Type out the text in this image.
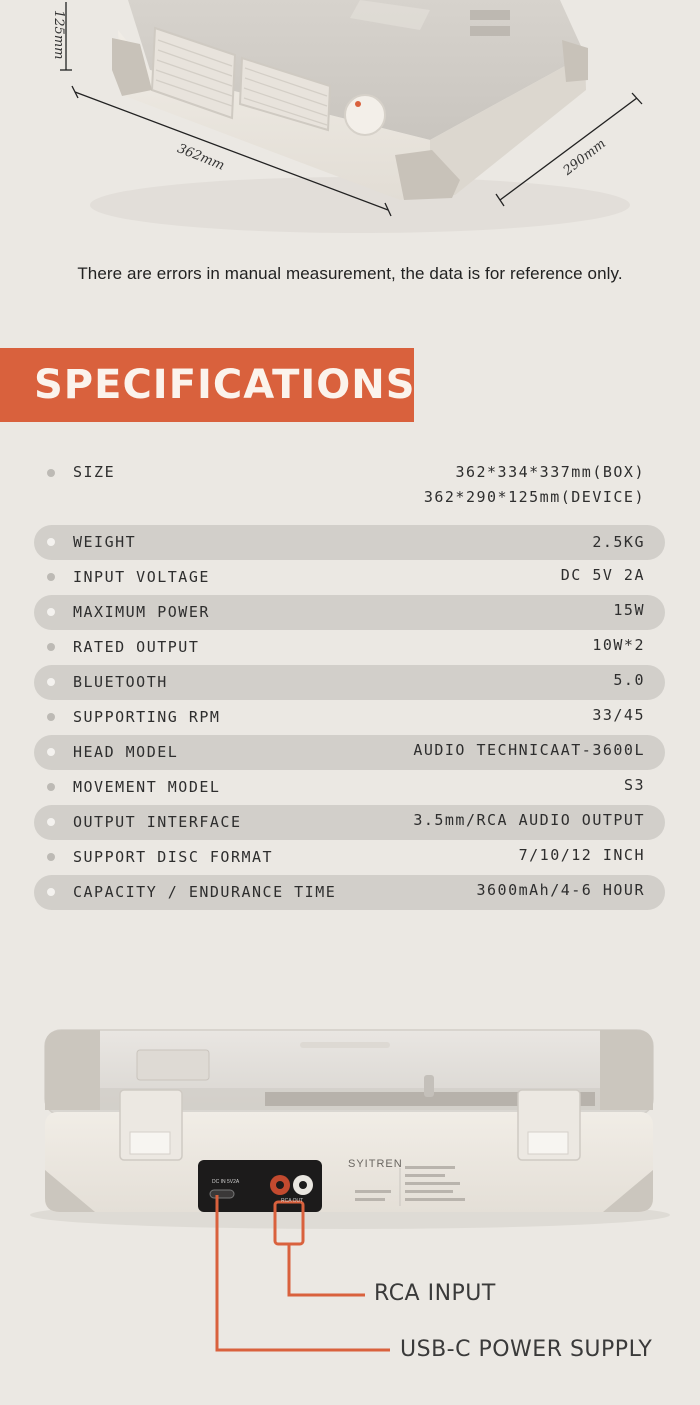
125mm
362mm	290mm
There are errors in manual measurement, the data is for reference only.
SPECIFICATIONS
SIZE	362*334*337mm(BOX)
362*290*125mm(DEVICE)
WEIGHT	2.5KG
INPUT VOLTAGE	DC 5V 2A
MAXIMUM POWER	15W
RATED OUTPUT	10W*2
BLUETOOTH	5.0
SUPPORTING RPM	33/45
HEAD MODEL	AUDIO TECHNICAAT-3600L
MOVEMENT MODEL	S3
OUTPUT INTERFACE	3.5mm/RCA AUDIO OUTPUT
SUPPORT DISC FORMAT	7/10/12 INCH
CAPACITY / ENDURANCE TIME	3600mAh/4-6 HOUR
SYITREN
DC IN 5V2A
RCA OUT
RCA INPUT
USB-C POWER SUPPLY
